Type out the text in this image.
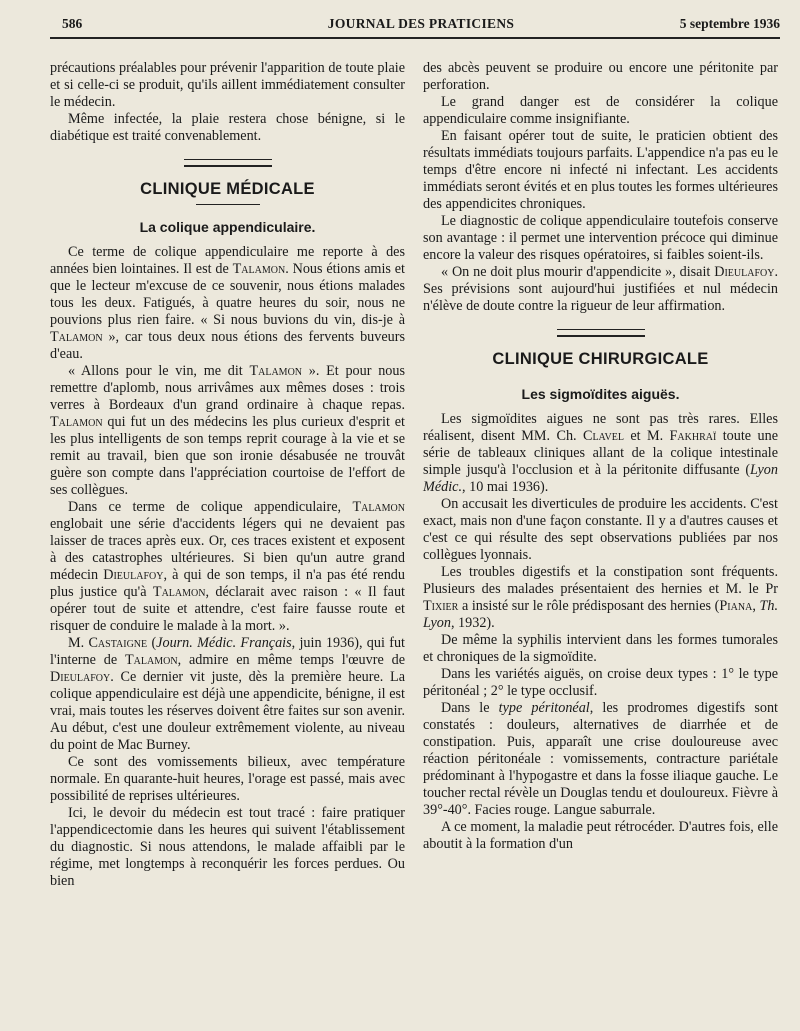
586	JOURNAL DES PRATICIENS	5 septembre 1936

précautions préalables pour prévenir l'apparition de toute plaie et si celle-ci se produit, qu'ils aillent immédiatement consulter le médecin.

Même infectée, la plaie restera chose bénigne, si le diabétique est traité convenablement.

CLINIQUE MÉDICALE
La colique appendiculaire.

Ce terme de colique appendiculaire me reporte à des années bien lointaines. Il est de Talamon. Nous étions amis et que le lecteur m'excuse de ce souvenir, nous étions malades tous les deux. Fatigués, à quatre heures du soir, nous ne pouvions plus rien faire. « Si nous buvions du vin, dis-je à Talamon », car tous deux nous étions des fervents buveurs d'eau.

« Allons pour le vin, me dit Talamon ». Et pour nous remettre d'aplomb, nous arrivâmes aux mêmes doses : trois verres à Bordeaux d'un grand ordinaire à chaque repas. Talamon qui fut un des médecins les plus curieux d'esprit et les plus intelligents de son temps reprit courage à la vie et se remit au travail, bien que son ironie désabusée ne trouvât guère son compte dans l'appréciation courtoise de l'effort de ses collègues.

Dans ce terme de colique appendiculaire, Talamon englobait une série d'accidents légers qui ne devaient pas laisser de traces après eux. Or, ces traces existent et exposent à des catastrophes ultérieures. Si bien qu'un autre grand médecin Dieulafoy, à qui de son temps, il n'a pas été rendu plus justice qu'à Talamon, déclarait avec raison : « Il faut opérer tout de suite et attendre, c'est faire fausse route et risquer de conduire le malade à la mort. ».

M. Castaigne (Journ. Médic. Français, juin 1936), qui fut l'interne de Talamon, admire en même temps l'œuvre de Dieulafoy. Ce dernier vit juste, dès la première heure. La colique appendiculaire est déjà une appendicite, bénigne, il est vrai, mais toutes les réserves doivent être faites sur son avenir. Au début, c'est une douleur extrêmement violente, au niveau du point de Mac Burney.

Ce sont des vomissements bilieux, avec température normale. En quarante-huit heures, l'orage est passé, mais avec possibilité de reprises ultérieures.

Ici, le devoir du médecin est tout tracé : faire pratiquer l'appendicectomie dans les heures qui suivent l'établissement du diagnostic. Si nous attendons, le malade affaibli par le régime, met longtemps à reconquérir les forces perdues. Ou bien

des abcès peuvent se produire ou encore une péritonite par perforation.

Le grand danger est de considérer la colique appendiculaire comme insignifiante.

En faisant opérer tout de suite, le praticien obtient des résultats immédiats toujours parfaits. L'appendice n'a pas eu le temps d'être encore ni infecté ni infectant. Les accidents immédiats seront évités et en plus toutes les formes ultérieures des appendicites chroniques.

Le diagnostic de colique appendiculaire toutefois conserve son avantage : il permet une intervention précoce qui diminue encore la valeur des risques opératoires, si faibles soient-ils.

« On ne doit plus mourir d'appendicite », disait Dieulafoy. Ses prévisions sont aujourd'hui justifiées et nul médecin n'élève de doute contre la rigueur de leur affirmation.

CLINIQUE CHIRURGICALE
Les sigmoïdites aiguës.

Les sigmoïdites aigues ne sont pas très rares. Elles réalisent, disent MM. Ch. Clavel et M. Fakhraï toute une série de tableaux cliniques allant de la colique intestinale simple jusqu'à l'occlusion et à la péritonite diffusante (Lyon Médic., 10 mai 1936).

On accusait les diverticules de produire les accidents. C'est exact, mais non d'une façon constante. Il y a d'autres causes et c'est ce qui résulte des sept observations publiées par nos collègues lyonnais.

Les troubles digestifs et la constipation sont fréquents. Plusieurs des malades présentaient des hernies et M. le Pr Tixier a insisté sur le rôle prédisposant des hernies (Piana, Th. Lyon, 1932).

De même la syphilis intervient dans les formes tumorales et chroniques de la sigmoïdite.

Dans les variétés aiguës, on croise deux types : 1° le type péritonéal ; 2° le type occlusif.

Dans le type péritonéal, les prodromes digestifs sont constatés : douleurs, alternatives de diarrhée et de constipation. Puis, apparaît une crise douloureuse avec réaction péritonéale : vomissements, contracture pariétale prédominant à l'hypogastre et dans la fosse iliaque gauche. Le toucher rectal révèle un Douglas tendu et douloureux. Fièvre à 39°-40°. Facies rouge. Langue saburrale.

A ce moment, la maladie peut rétrocéder. D'autres fois, elle aboutit à la formation d'un
